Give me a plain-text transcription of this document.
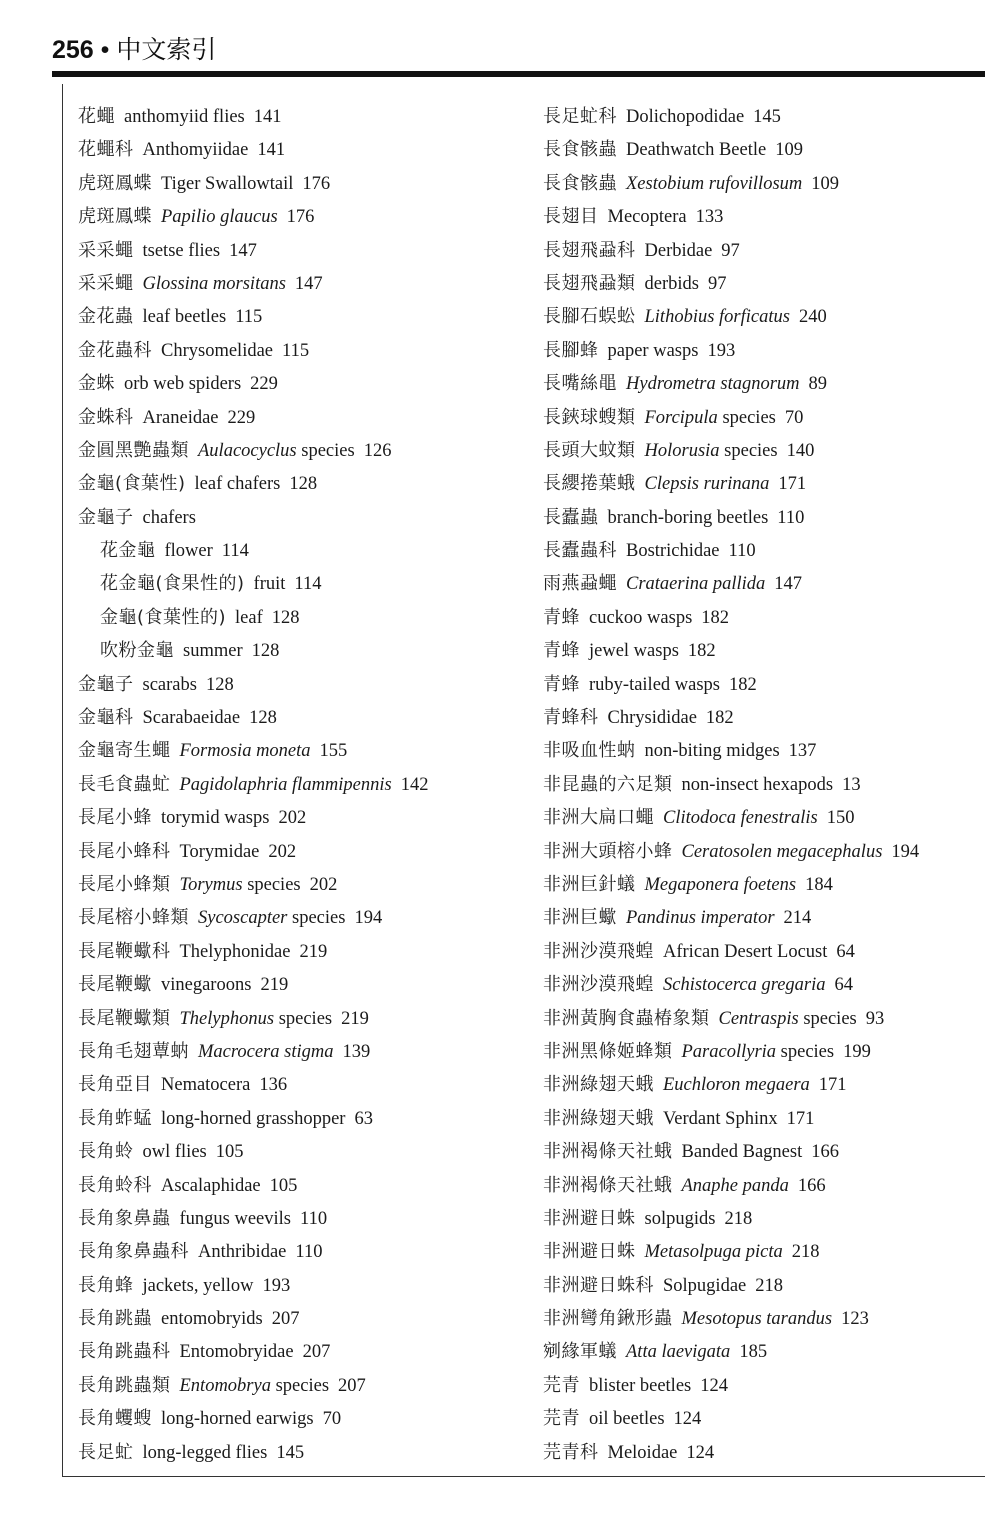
256 • 中文索引
花蠅 anthomyiid flies 141
花蠅科 Anthomyiidae 141
虎斑鳳蝶 Tiger Swallowtail 176
虎斑鳳蝶 Papilio glaucus 176
采采蠅 tsetse flies 147
采采蠅 Glossina morsitans 147
金花蟲 leaf beetles 115
金花蟲科 Chrysomelidae 115
金蛛 orb web spiders 229
金蛛科 Araneidae 229
金圓黑艷蟲類 Aulacocyclus species 126
金龜(食葉性) leaf chafers 128
金龜子 chafers
花金龜 flower 114
花金龜(食果性的) fruit 114
金龜(食葉性的) leaf 128
吹粉金龜 summer 128
金龜子 scarabs 128
金龜科 Scarabaeidae 128
金龜寄生蠅 Formosia moneta 155
長毛食蟲虻 Pagidolaphria flammipennis 142
長尾小蜂 torymid wasps 202
長尾小蜂科 Torymidae 202
長尾小蜂類 Torymus species 202
長尾榕小蜂類 Sycoscapter species 194
長尾鞭蠍科 Thelyphonidae 219
長尾鞭蠍 vinegaroons 219
長尾鞭蠍類 Thelyphonus species 219
長角毛翅蕈蚋 Macrocera stigma 139
長角亞目 Nematocera 136
長角蚱蜢 long-horned grasshopper 63
長角蛉 owl flies 105
長角蛉科 Ascalaphidae 105
長角象鼻蟲 fungus weevils 110
長角象鼻蟲科 Anthribidae 110
長角蜂 jackets, yellow 193
長角跳蟲 entomobryids 207
長角跳蟲科 Entomobryidae 207
長角跳蟲類 Entomobrya species 207
長角蠼螋 long-horned earwigs 70
長足虻 long-legged flies 145
長足虻科 Dolichopodidae 145
長食骸蟲 Deathwatch Beetle 109
長食骸蟲 Xestobium rufovillosum 109
長翅目 Mecoptera 133
長翅飛蝨科 Derbidae 97
長翅飛蝨類 derbids 97
長腳石蜈蚣 Lithobius forficatus 240
長腳蜂 paper wasps 193
長嘴絲黽 Hydrometra stagnorum 89
長鋏球螋類 Forcipula species 70
長頭大蚊類 Holorusia species 140
長纓捲葉蛾 Clepsis rurinana 171
長蠹蟲 branch-boring beetles 110
長蠹蟲科 Bostrichidae 110
雨燕蝨蠅 Crataerina pallida 147
青蜂 cuckoo wasps 182
青蜂 jewel wasps 182
青蜂 ruby-tailed wasps 182
青蜂科 Chrysididae 182
非吸血性蚋 non-biting midges 137
非昆蟲的六足類 non-insect hexapods 13
非洲大扁口蠅 Clitodoca fenestralis 150
非洲大頭榕小蜂 Ceratosolen megacephalus 194
非洲巨針蟻 Megaponera foetens 184
非洲巨蠍 Pandinus imperator 214
非洲沙漠飛蝗 African Desert Locust 64
非洲沙漠飛蝗 Schistocerca gregaria 64
非洲黃胸食蟲椿象類 Centraspis species 93
非洲黑條姬蜂類 Paracollyria species 199
非洲綠翅天蛾 Euchloron megaera 171
非洲綠翅天蛾 Verdant Sphinx 171
非洲褐條天社蛾 Banded Bagnest 166
非洲褐條天社蛾 Anaphe panda 166
非洲避日蛛 solpugids 218
非洲避日蛛 Metasolpuga picta 218
非洲避日蛛科 Solpugidae 218
非洲彎角鍬形蟲 Mesotopus tarandus 123
剜緣軍蟻 Atta laevigata 185
芫青 blister beetles 124
芫青 oil beetles 124
芫青科 Meloidae 124
